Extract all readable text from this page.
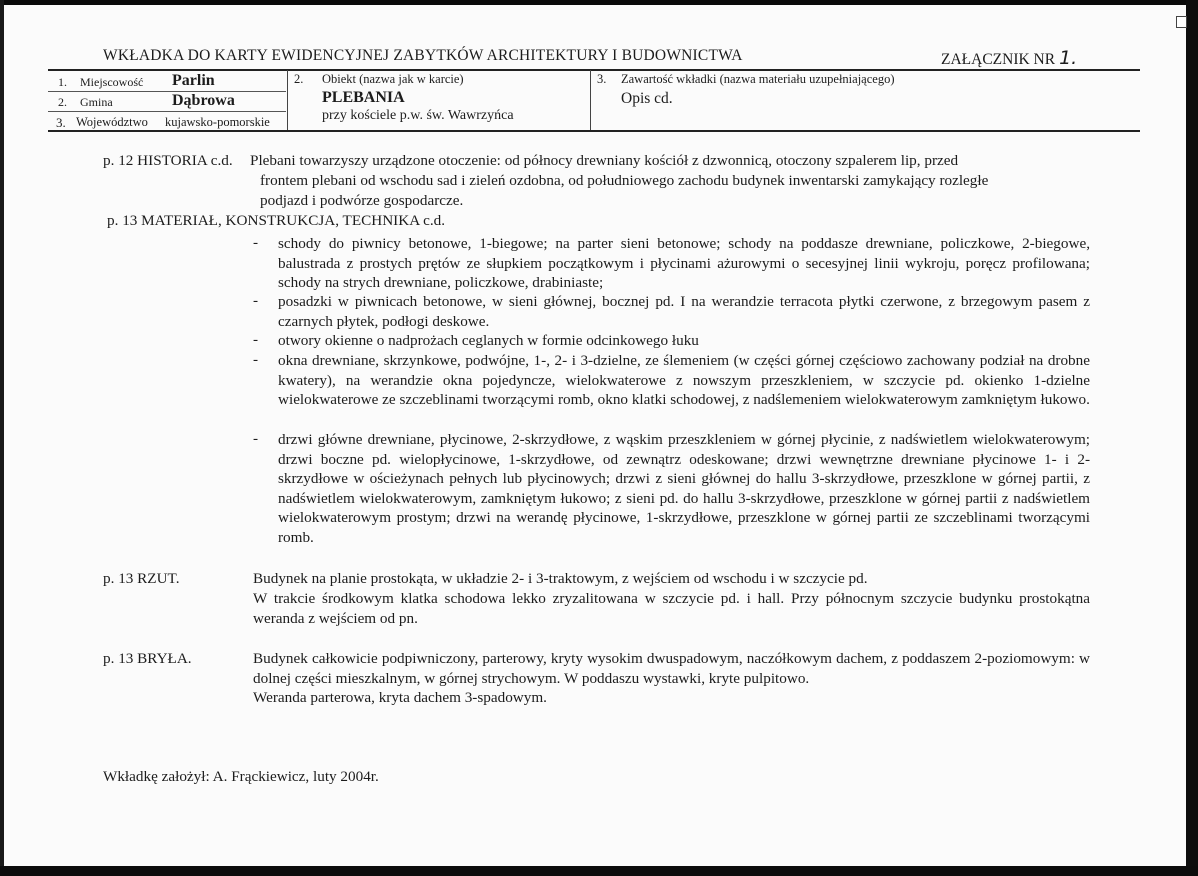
WKŁADKA DO KARTY EWIDENCYJNEJ ZABYTKÓW ARCHITEKTURY I BUDOWNICTWA	ZAŁĄCZNIK NR 1.
1. Miejscowość Parlin
2. Gmina	Dąbrowa
3. Województwo kujawsko-pomorskie
2. Obiekt (nazwa jak w karcie)
PLEBANIA
przy kościele p.w. św. Wawrzyńca
3. Zawartość wkładki (nazwa materiału uzupełniającego)
Opis cd.
p. 12 HISTORIA c.d. Plebani towarzyszy urządzone otoczenie: od północy drewniany kościół z dzwonnicą, otoczony szpalerem lip, przed
frontem plebani od wschodu sad i zieleń ozdobna, od południowego zachodu budynek inwentarski zamykający rozległe
podjazd i podwórze gospodarcze.
p. 13 MATERIAŁ, KONSTRUKCJA, TECHNIKA c.d.
- schody do piwnicy betonowe, 1-biegowe; na parter sieni betonowe; schody na poddasze drewniane, policzkowe, 2-biegowe, balustrada z prostych prętów ze słupkiem początkowym i płycinami ażurowymi o secesyjnej linii wykroju, poręcz profilowana; schody na strych drewniane, policzkowe, drabiniaste;
- posadzki w piwnicach betonowe, w sieni głównej, bocznej pd. I na werandzie terracota płytki czerwone, z brzegowym pasem z czarnych płytek, podłogi deskowe.
- otwory okienne o nadprożach ceglanych w formie odcinkowego łuku
- okna drewniane, skrzynkowe, podwójne, 1-, 2- i 3-dzielne, ze ślemeniem (w części górnej częściowo zachowany podział na drobne kwatery), na werandzie okna pojedyncze, wielokwaterowe z nowszym przeszkleniem, w szczycie pd. okienko 1-dzielne wielokwaterowe ze szczeblinami tworzącymi romb, okno klatki schodowej, z nadślemeniem wielokwaterowym zamkniętym łukowo.
- drzwi główne drewniane, płycinowe, 2-skrzydłowe, z wąskim przeszkleniem w górnej płycinie, z nadświetlem wielokwaterowym; drzwi boczne pd. wielopłycinowe, 1-skrzydłowe, od zewnątrz odeskowane; drzwi wewnętrzne drewniane płycinowe 1- i 2-skrzydłowe w ościeżynach pełnych lub płycinowych; drzwi z sieni głównej do hallu 3-skrzydłowe, przeszklone w górnej partii, z nadświetlem wielokwaterowym, zamkniętym łukowo; z sieni pd. do hallu 3-skrzydłowe, przeszklone w górnej partii z nadświetlem wielokwaterowym prostym; drzwi na werandę płycinowe, 1-skrzydłowe, przeszklone w górnej partii ze szczeblinami tworzącymi romb.
p. 13 RZUT.	Budynek na planie prostokąta, w układzie 2- i 3-traktowym, z wejściem od wschodu i w szczycie pd.
W trakcie środkowym klatka schodowa lekko zryzalitowana w szczycie pd. i hall. Przy północnym szczycie budynku prostokątna weranda z wejściem od pn.
p. 13 BRYŁA.	Budynek całkowicie podpiwniczony, parterowy, kryty wysokim dwuspadowym, naczółkowym dachem, z poddaszem 2-poziomowym: w dolnej części mieszkalnym, w górnej strychowym. W poddaszu wystawki, kryte pulpitowo.
Weranda parterowa, kryta dachem 3-spadowym.
Wkładkę założył: A. Frąckiewicz, luty 2004r.
